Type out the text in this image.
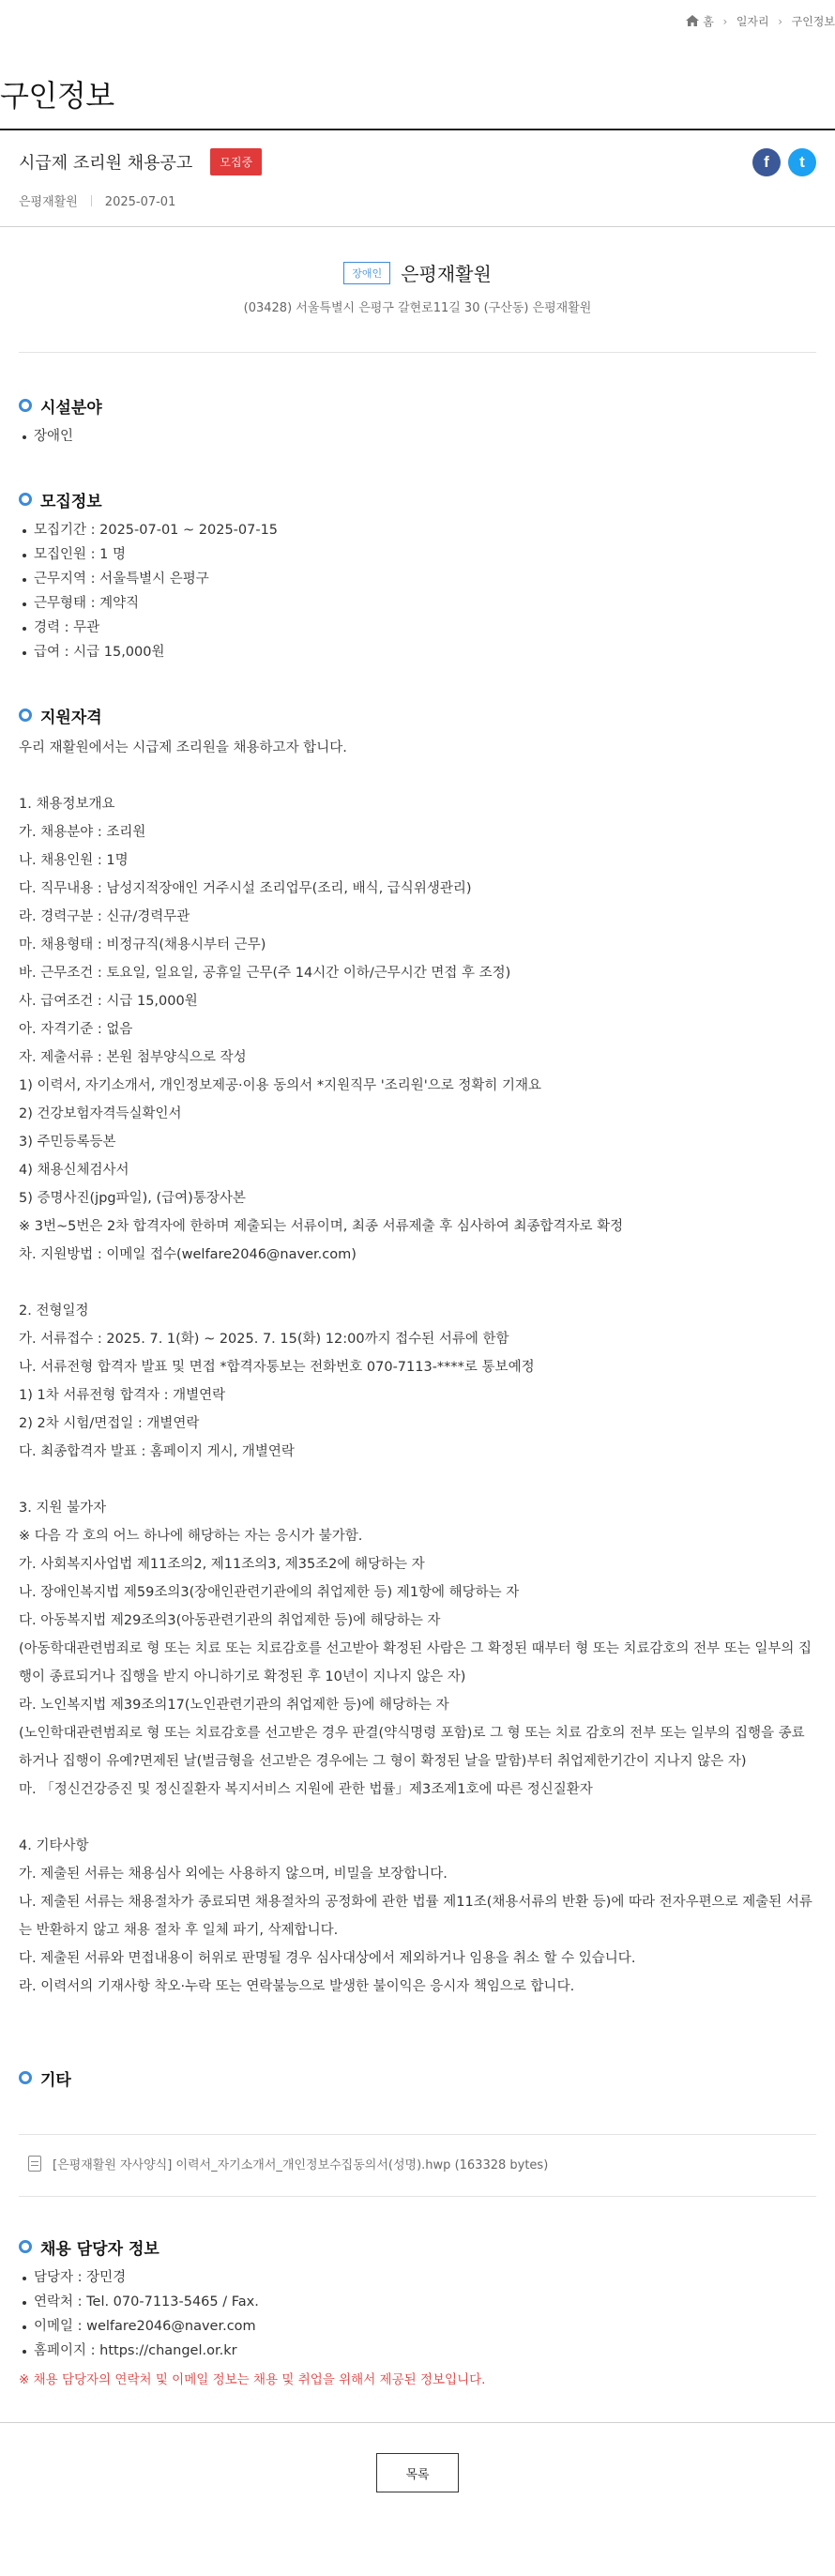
홈 › 일자리 › 구인정보
구인정보
시급제 조리원 채용공고 모집중	f	t
은평재활원 2025-07-01
장애인 은평재활원
(03428) 서울특별시 은평구 갈현로11길 30 (구산동) 은평재활원
시설분야
장애인
모집정보
모집기간 : 2025-07-01 ~ 2025-07-15
모집인원 : 1 명
근무지역 : 서울특별시 은평구
근무형태 : 계약직
경력 : 무관
급여 : 시급 15,000원
지원자격
우리 재활원에서는 시급제 조리원을 채용하고자 합니다.

1. 채용정보개요
가. 채용분야 : 조리원
나. 채용인원 : 1명
다. 직무내용 : 남성지적장애인 거주시설 조리업무(조리, 배식, 급식위생관리)
라. 경력구분 : 신규/경력무관
마. 채용형태 : 비정규직(채용시부터 근무)
바. 근무조건 : 토요일, 일요일, 공휴일 근무(주 14시간 이하/근무시간 면접 후 조정)
사. 급여조건 : 시급 15,000원
아. 자격기준 : 없음
자. 제출서류 : 본원 첨부양식으로 작성
1) 이력서, 자기소개서, 개인정보제공·이용 동의서 *지원직무 '조리원'으로 정확히 기재요
2) 건강보험자격득실확인서
3) 주민등록등본
4) 채용신체검사서
5) 증명사진(jpg파일), (급여)통장사본
※ 3번~5번은 2차 합격자에 한하며 제출되는 서류이며, 최종 서류제출 후 심사하여 최종합격자로 확정
차. 지원방법 : 이메일 접수(welfare2046@naver.com)

2. 전형일정
가. 서류접수 : 2025. 7. 1(화) ~ 2025. 7. 15(화) 12:00까지 접수된 서류에 한함
나. 서류전형 합격자 발표 및 면접 *합격자통보는 전화번호 070-7113-****로 통보예정
1) 1차 서류전형 합격자 : 개별연락
2) 2차 시험/면접일 : 개별연락
다. 최종합격자 발표 : 홈페이지 게시, 개별연락

3. 지원 불가자
※ 다음 각 호의 어느 하나에 해당하는 자는 응시가 불가함.
가. 사회복지사업법 제11조의2, 제11조의3, 제35조2에 해당하는 자
나. 장애인복지법 제59조의3(장애인관련기관에의 취업제한 등) 제1항에 해당하는 자
다. 아동복지법 제29조의3(아동관련기관의 취업제한 등)에 해당하는 자
(아동학대관련범죄로 형 또는 치료 또는 치료감호를 선고받아 확정된 사람은 그 확정된 때부터 형 또는 치료감호의 전부 또는 일부의 집행이 종료되거나 집행을 받지 아니하기로 확정된 후 10년이 지나지 않은 자)
라. 노인복지법 제39조의17(노인관련기관의 취업제한 등)에 해당하는 자
(노인학대관련범죄로 형 또는 치료감호를 선고받은 경우 판결(약식명령 포함)로 그 형 또는 치료 감호의 전부 또는 일부의 집행을 종료하거나 집행이 유예?면제된 날(벌금형을 선고받은 경우에는 그 형이 확정된 날을 말함)부터 취업제한기간이 지나지 않은 자)
마. 「정신건강증진 및 정신질환자 복지서비스 지원에 관한 법률」제3조제1호에 따른 정신질환자

4. 기타사항
가. 제출된 서류는 채용심사 외에는 사용하지 않으며, 비밀을 보장합니다.
나. 제출된 서류는 채용절차가 종료되면 채용절차의 공정화에 관한 법률 제11조(채용서류의 반환 등)에 따라 전자우편으로 제출된 서류는 반환하지 않고 채용 절차 후 일체 파기, 삭제합니다.
다. 제출된 서류와 면접내용이 허위로 판명될 경우 심사대상에서 제외하거나 임용을 취소 할 수 있습니다.
라. 이력서의 기재사항 착오·누락 또는 연락불능으로 발생한 불이익은 응시자 책임으로 합니다.
기타
[은평재활원 자사양식] 이력서_자기소개서_개인정보수집동의서(성명).hwp (163328 bytes)
채용 담당자 정보
담당자 : 장민경
연락처 : Tel. 070-7113-5465 / Fax.
이메일 : welfare2046@naver.com
홈페이지 : https://changel.or.kr
※ 채용 담당자의 연락처 및 이메일 정보는 채용 및 취업을 위해서 제공된 정보입니다.
목록
